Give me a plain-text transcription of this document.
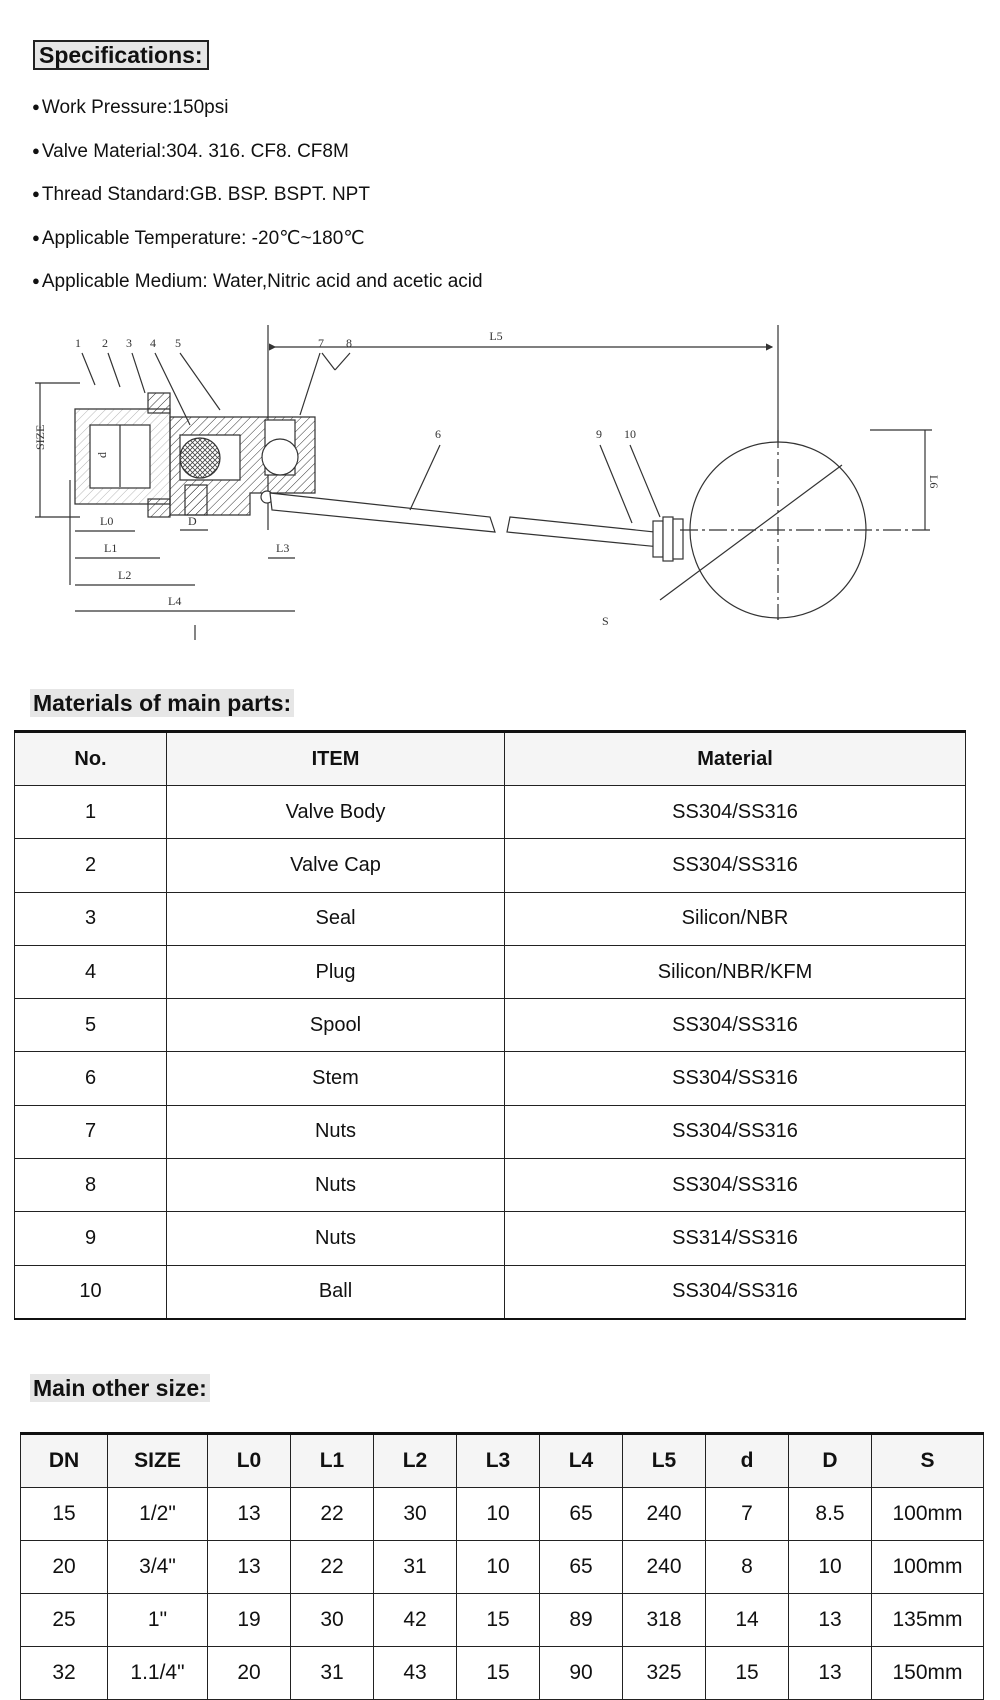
Specifications:
● Work Pressure:150psi
● Valve Material:304. 316. CF8. CF8M
● Thread Standard:GB. BSP. BSPT. NPT
● Applicable Temperature: -20℃~180℃
● Applicable Medium: Water,Nitric acid and acetic acid
L5
SIZE
d
L0
L1
L2
L4
L3
D
L6
S
1 2 3 4 5	7 8
6	9 10
Materials of main parts:
No.	ITEM	Material
1	Valve Body	SS304/SS316
2	Valve Cap	SS304/SS316
3	Seal	Silicon/NBR
4	Plug	Silicon/NBR/KFM
5	Spool	SS304/SS316
6	Stem	SS304/SS316
7	Nuts	SS304/SS316
8	Nuts	SS304/SS316
9	Nuts	SS314/SS316
10	Ball	SS304/SS316
Main other size:
DN	SIZE	L0	L1	L2	L3	L4	L5	d	D	S
15	1/2"	13	22	30	10	65	240	7	8.5	100mm
20	3/4"	13	22	31	10	65	240	8	10	100mm
25	1"	19	30	42	15	89	318	14	13	135mm
32	1.1/4"	20	31	43	15	90	325	15	13	150mm
